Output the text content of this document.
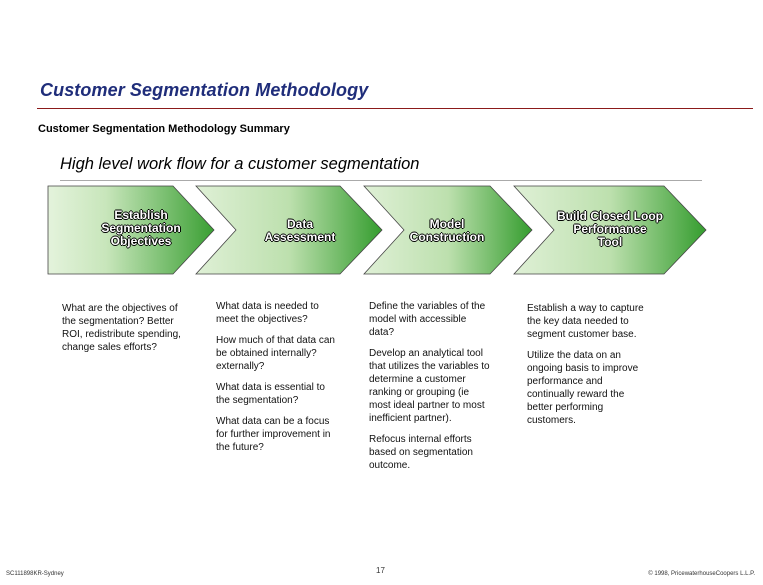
Customer Segmentation Methodology
Customer Segmentation Methodology Summary
High level work flow for a customer segmentation
Establish
Segmentation
Objectives
Data
Assessment
Model
Construction
Build Closed Loop
Performance
Tool

What are the objectives of the segmentation? Better ROI, redistribute spending, change sales efforts?

What data is needed to meet the objectives?

How much of that data can be obtained internally? externally?

What data is essential to the segmentation?

What data can be a focus for further improvement in the future?

Define the variables of the model with accessible data?

Develop an analytical tool that utilizes the variables to determine a customer ranking or grouping (ie most ideal partner to most inefficient partner).

Refocus internal efforts based on segmentation outcome.

Establish a way to capture the key data needed to segment customer base.

Utilize the data on an ongoing basis to improve performance and continually reward the better performing customers.

SC111898KR-Sydney	17	© 1998, PricewaterhouseCoopers L.L.P.
